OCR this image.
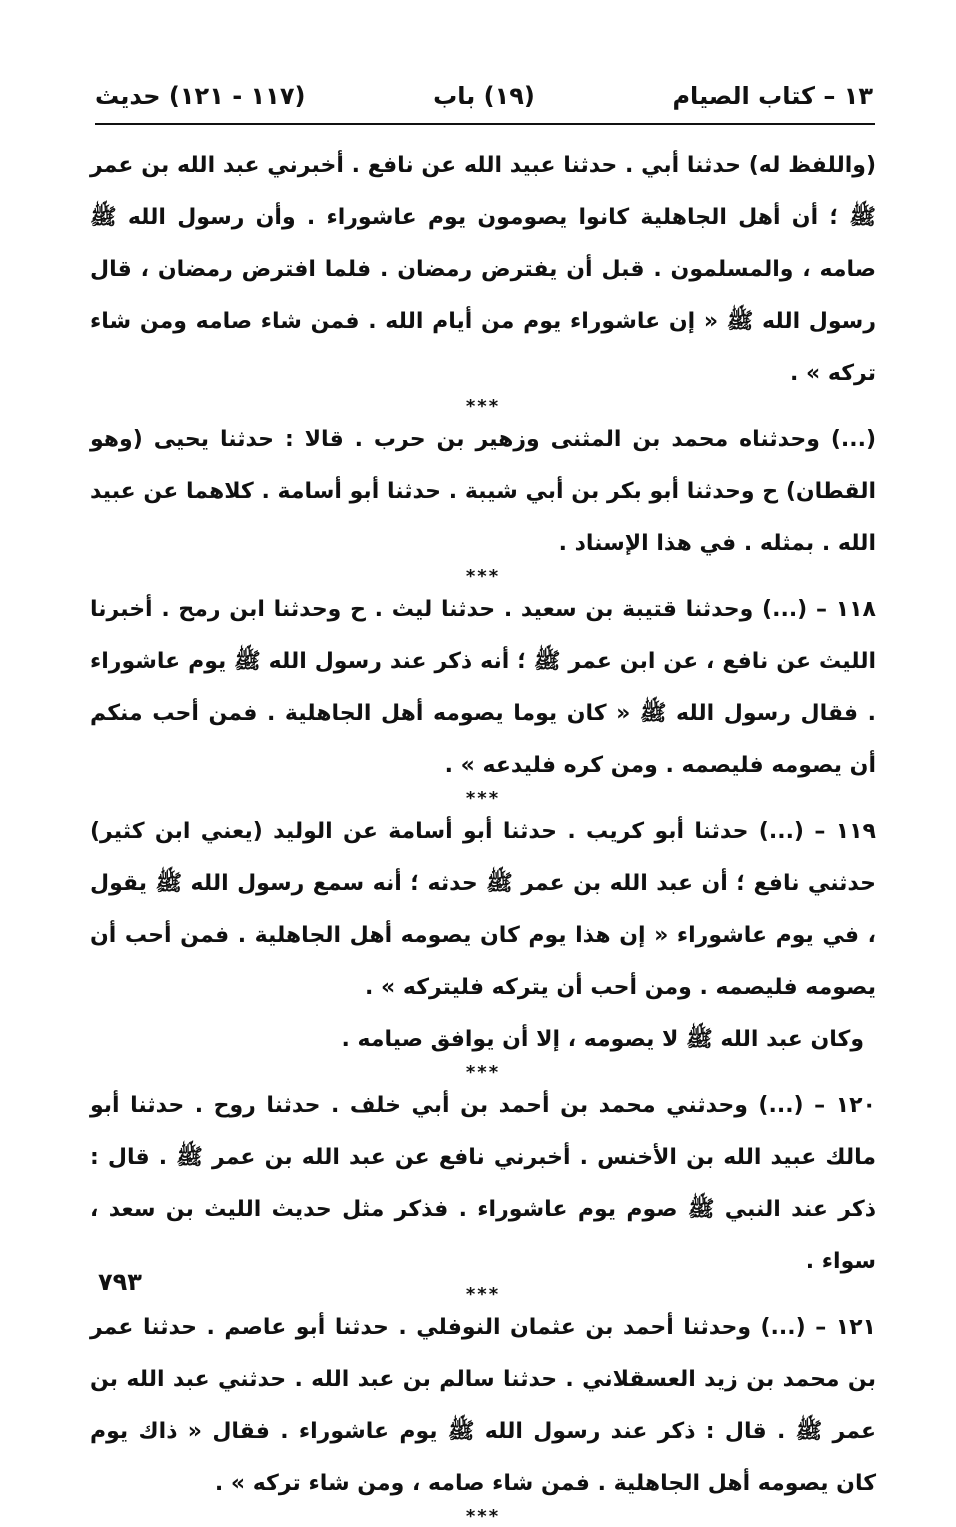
١٣ – كتاب الصيام
(١٩) باب
(١١٧ - ١٢١) حديث

(واللفظ له) حدثنا أبي . حدثنا عبيد الله عن نافع . أخبرني عبد الله بن عمر ﷺ ؛ أن أهل الجاهلية كانوا يصومون يوم عاشوراء . وأن رسول الله ﷺ صامه ، والمسلمون . قبل أن يفترض رمضان . فلما افترض رمضان ، قال رسول الله ﷺ « إن عاشوراء يوم من أيام الله . فمن شاء صامه ومن شاء تركه » .

***

(...) وحدثناه محمد بن المثنى وزهير بن حرب . قالا : حدثنا يحيى (وهو القطان) ح وحدثنا أبو بكر بن أبي شيبة . حدثنا أبو أسامة . كلاهما عن عبيد الله . بمثله . في هذا الإسناد .

***

١١٨ – (...) وحدثنا قتيبة بن سعيد . حدثنا ليث . ح وحدثنا ابن رمح . أخبرنا الليث عن نافع ، عن ابن عمر ﷺ ؛ أنه ذكر عند رسول الله ﷺ يوم عاشوراء . فقال رسول الله ﷺ « كان يوما يصومه أهل الجاهلية . فمن أحب منكم أن يصومه فليصمه . ومن كره فليدعه » .

***

١١٩ – (...) حدثنا أبو كريب . حدثنا أبو أسامة عن الوليد (يعني ابن كثير) حدثني نافع ؛ أن عبد الله بن عمر ﷺ حدثه ؛ أنه سمع رسول الله ﷺ يقول ، في يوم عاشوراء « إن هذا يوم كان يصومه أهل الجاهلية . فمن أحب أن يصومه فليصمه . ومن أحب أن يتركه فليتركه » .

وكان عبد الله ﷺ لا يصومه ، إلا أن يوافق صيامه .

***

١٢٠ – (...) وحدثني محمد بن أحمد بن أبي خلف . حدثنا روح . حدثنا أبو مالك عبيد الله بن الأخنس . أخبرني نافع عن عبد الله بن عمر ﷺ . قال : ذكر عند النبي ﷺ صوم يوم عاشوراء . فذكر مثل حديث الليث بن سعد ، سواء .

***

١٢١ – (...) وحدثنا أحمد بن عثمان النوفلي . حدثنا أبو عاصم . حدثنا عمر بن محمد بن زيد العسقلاني . حدثنا سالم بن عبد الله . حدثني عبد الله بن عمر ﷺ . قال : ذكر عند رسول الله ﷺ يوم عاشوراء . فقال « ذاك يوم كان يصومه أهل الجاهلية . فمن شاء صامه ، ومن شاء تركه » .

***

٧٩٣
